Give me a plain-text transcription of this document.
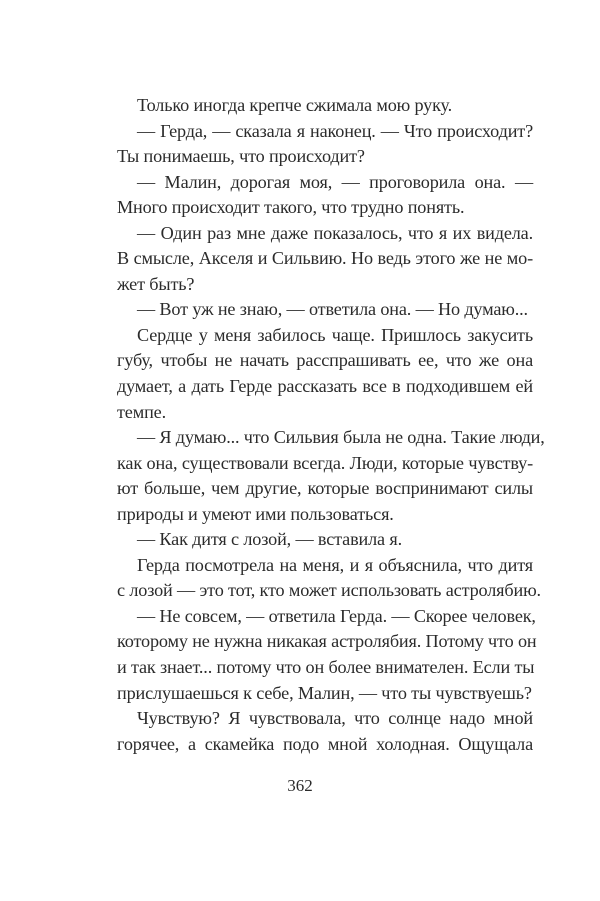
Только иногда крепче сжимала мою руку.
— Герда, — сказала я наконец. — Что происходит?
Ты понимаешь, что происходит?
— Малин, дорогая моя, — проговорила она. —
Много происходит такого, что трудно понять.
— Один раз мне даже показалось, что я их видела.
В смысле, Акселя и Сильвию. Но ведь этого же не мо-
жет быть?
— Вот уж не знаю, — ответила она. — Но думаю...
Сердце у меня забилось чаще. Пришлось закусить
губу, чтобы не начать расспрашивать ее, что же она
думает, а дать Герде рассказать все в подходившем ей
темпе.
— Я думаю... что Сильвия была не одна. Такие люди,
как она, существовали всегда. Люди, которые чувству-
ют больше, чем другие, которые воспринимают силы
природы и умеют ими пользоваться.
— Как дитя с лозой, — вставила я.
Герда посмотрела на меня, и я объяснила, что дитя
с лозой — это тот, кто может использовать астролябию.
— Не совсем, — ответила Герда. — Скорее человек,
которому не нужна никакая астролябия. Потому что он
и так знает... потому что он более внимателен. Если ты
прислушаешься к себе, Малин, — что ты чувствуешь?
Чувствую? Я чувствовала, что солнце надо мной
горячее, а скамейка подо мной холодная. Ощущала
362
